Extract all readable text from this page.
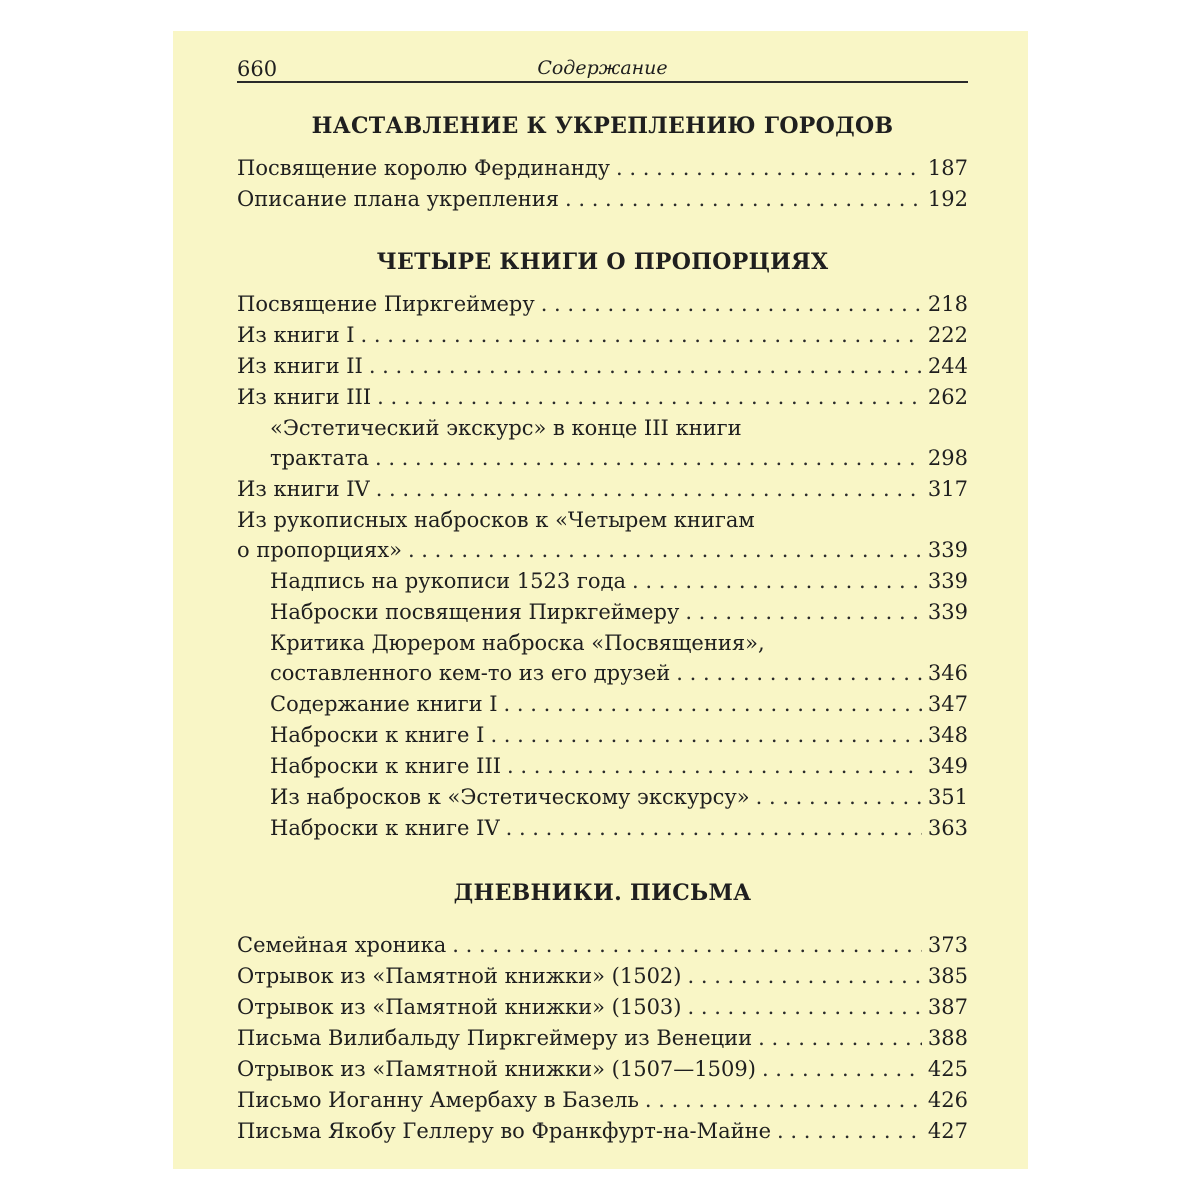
660	Содержание
НАСТАВЛЕНИЕ К УКРЕПЛЕНИЮ ГОРОДОВ
Посвящение королю Фердинанду . . .	187
Описание плана укрепления . . .	192
ЧЕТЫРЕ КНИГИ О ПРОПОРЦИЯХ
Посвящение Пиркгеймеру . . .	218
Из книги I . . .	222
Из книги II . . .	244
Из книги III . . .	262
«Эстетический экскурс» в конце III книги
трактата . . .	298
Из книги IV . . .	317
Из рукописных набросков к «Четырем книгам
о пропорциях» . . .	339
Надпись на рукописи 1523 года . . .	339
Наброски посвящения Пиркгеймеру . . .	339
Критика Дюрером наброска «Посвящения»,
составленного кем-то из его друзей . . .	346
Содержание книги I . . .	347
Наброски к книге I . . .	348
Наброски к книге III . . .	349
Из набросков к «Эстетическому экскурсу» . . .	351
Наброски к книге IV . . .	363
ДНЕВНИКИ. ПИСЬМА
Семейная хроника . . .	373
Отрывок из «Памятной книжки» (1502) . . .	385
Отрывок из «Памятной книжки» (1503) . . .	387
Письма Вилибальду Пиркгеймеру из Венеции . . .	388
Отрывок из «Памятной книжки» (1507—1509) . . .	425
Письмо Иоганну Амербаху в Базель . . .	426
Письма Якобу Геллеру во Франкфурт-на-Майне . . .	427
